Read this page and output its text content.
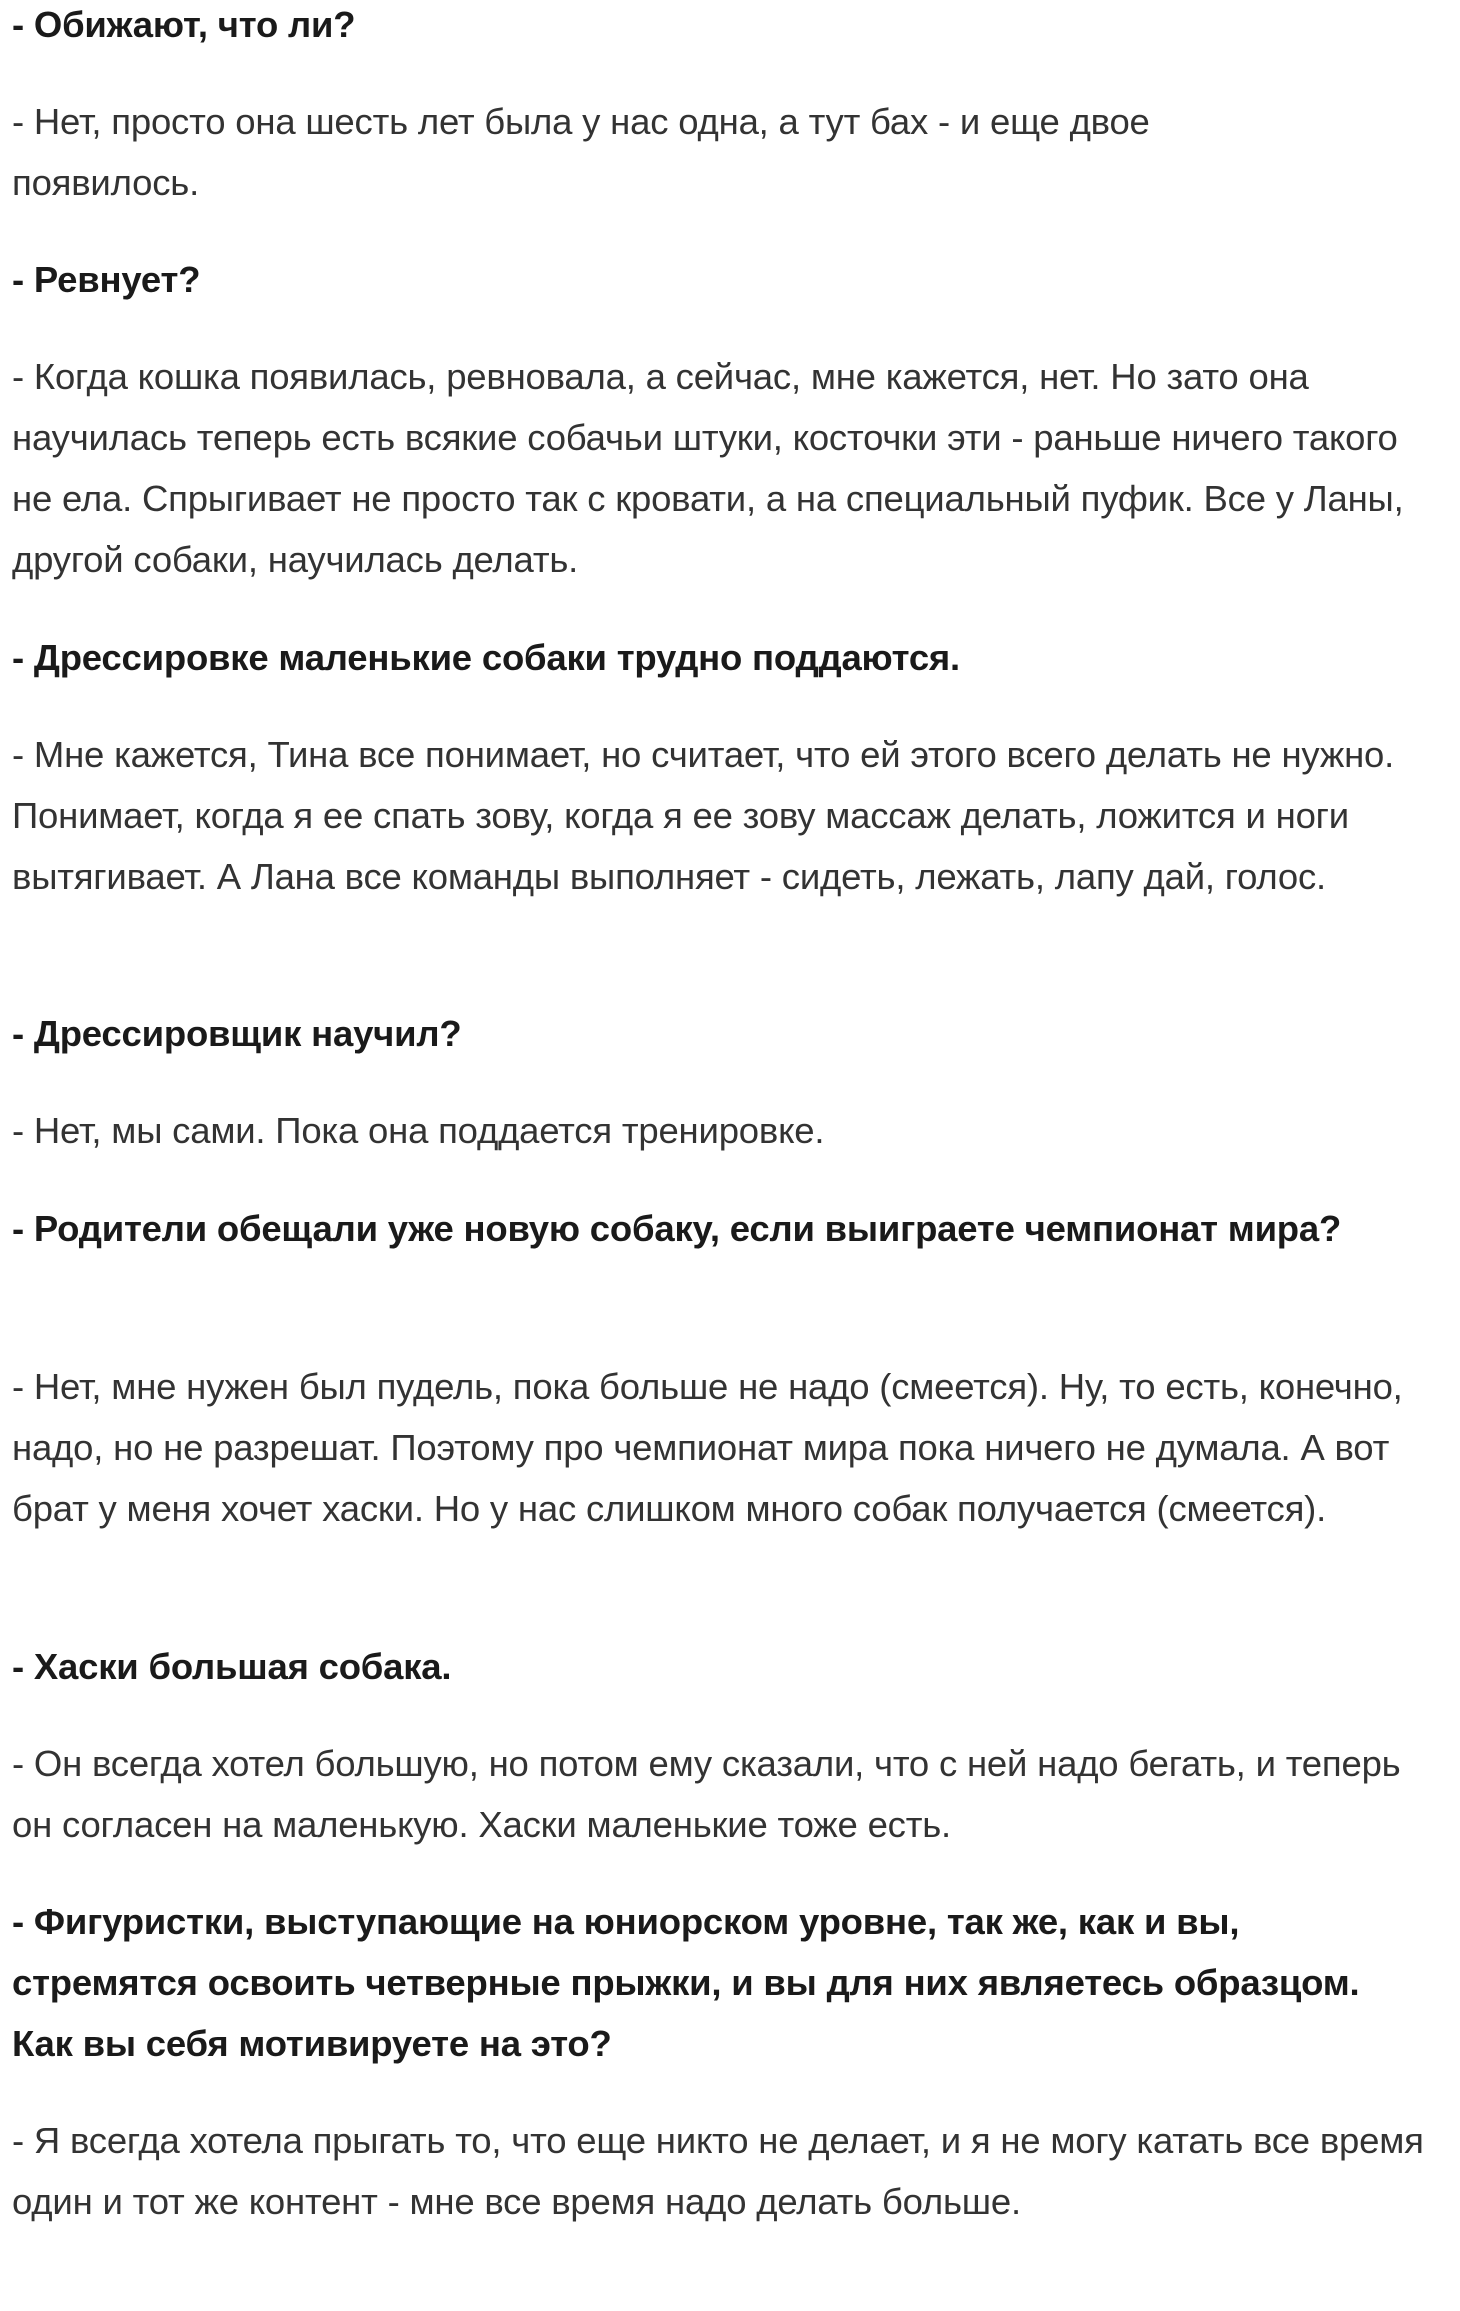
- Обижают, что ли?

- Нет, просто она шесть лет была у нас одна, а тут бах - и еще двое появилось.

- Ревнует?

- Когда кошка появилась, ревновала, а сейчас, мне кажется, нет. Но зато она научилась теперь есть всякие собачьи штуки, косточки эти - раньше ничего такого не ела. Спрыгивает не просто так с кровати, а на специальный пуфик. Все у Ланы, другой собаки, научилась делать.

- Дрессировке маленькие собаки трудно поддаются.

- Мне кажется, Тина все понимает, но считает, что ей этого всего делать не нужно. Понимает, когда я ее спать зову, когда я ее зову массаж делать, ложится и ноги вытягивает. А Лана все команды выполняет - сидеть, лежать, лапу дай, голос.

- Дрессировщик научил?

- Нет, мы сами. Пока она поддается тренировке.

- Родители обещали уже новую собаку, если выиграете чемпионат мира?

- Нет, мне нужен был пудель, пока больше не надо (смеется). Ну, то есть, конечно, надо, но не разрешат. Поэтому про чемпионат мира пока ничего не думала. А вот брат у меня хочет хаски. Но у нас слишком много собак получается (смеется).

- Хаски большая собака.

- Он всегда хотел большую, но потом ему сказали, что с ней надо бегать, и теперь он согласен на маленькую. Хаски маленькие тоже есть.

- Фигуристки, выступающие на юниорском уровне, так же, как и вы, стремятся освоить четверные прыжки, и вы для них являетесь образцом. Как вы себя мотивируете на это?

- Я всегда хотела прыгать то, что еще никто не делает, и я не могу катать все время один и тот же контент - мне все время надо делать больше.
